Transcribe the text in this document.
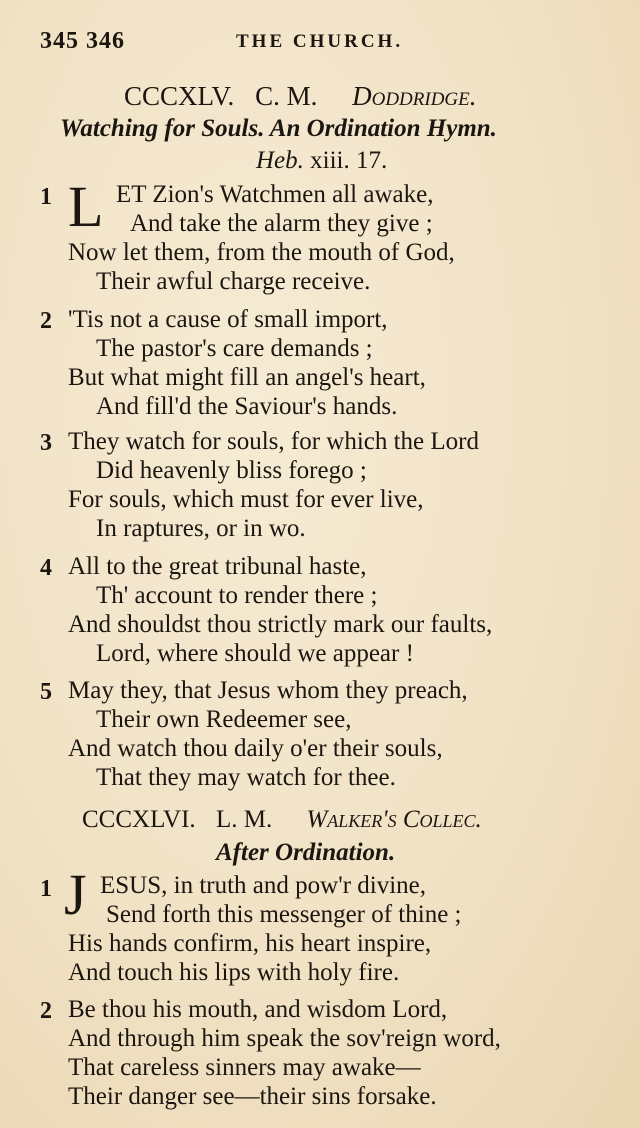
345 346	THE CHURCH.
CCCXLV. C. M. Doddridge.
Watching for Souls. An Ordination Hymn.
Heb. xiii. 17.
1 L ET Zion's Watchmen all awake,
And take the alarm they give ;
Now let them, from the mouth of God,
Their awful charge receive.
2 'Tis not a cause of small import,
The pastor's care demands ;
But what might fill an angel's heart,
And fill'd the Saviour's hands.
3 They watch for souls, for which the Lord
Did heavenly bliss forego ;
For souls, which must for ever live,
In raptures, or in wo.
4 All to the great tribunal haste,
Th' account to render there ;
And shouldst thou strictly mark our faults,
Lord, where should we appear !
5 May they, that Jesus whom they preach,
Their own Redeemer see,
And watch thou daily o'er their souls,
That they may watch for thee.
CCCXLVI. L. M. Walker's Collec.
After Ordination.
1 J ESUS, in truth and pow'r divine,
Send forth this messenger of thine ;
His hands confirm, his heart inspire,
And touch his lips with holy fire.
2 Be thou his mouth, and wisdom Lord,
And through him speak the sov'reign word,
That careless sinners may awake—
Their danger see—their sins forsake.
